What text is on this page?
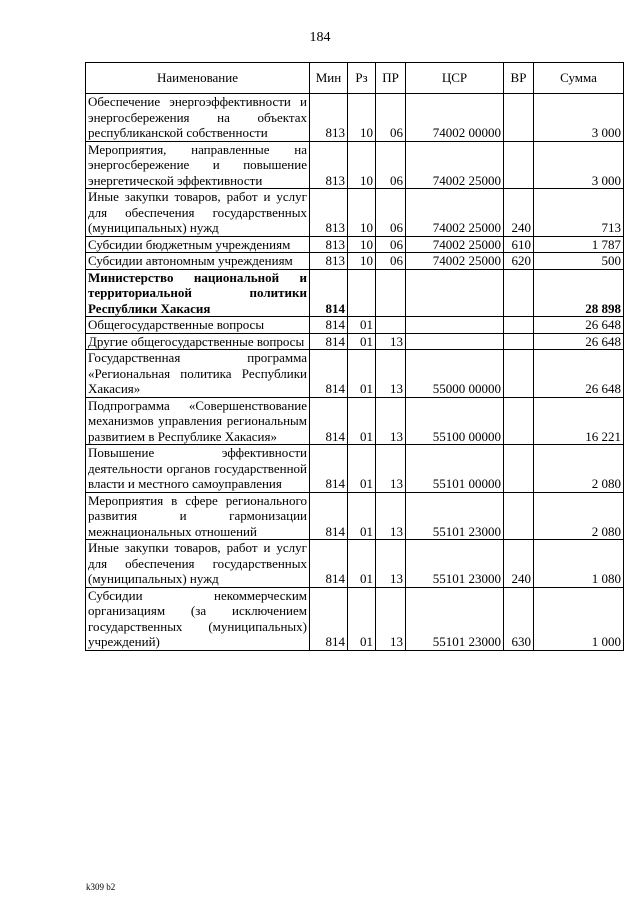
184
Наименование	Мин	Рз	ПР	ЦСР	ВР	Сумма
Обеспечение энергоэффективности и энергосбережения на объектах республиканской собственности	813	10	06	74002 00000		3 000
Мероприятия, направленные на энергосбережение и повышение энергетической эффективности	813	10	06	74002 25000		3 000
Иные закупки товаров, работ и услуг для обеспечения государственных (муниципальных) нужд	813	10	06	74002 25000	240	713
Субсидии бюджетным учреждениям	813	10	06	74002 25000	610	1 787
Субсидии автономным учреждениям	813	10	06	74002 25000	620	500
Министерство национальной и территориальной политики Республики Хакасия	814					28 898
Общегосударственные вопросы	814	01				26 648
Другие общегосударственные вопросы	814	01	13			26 648
Государственная программа «Региональная политика Республики Хакасия»	814	01	13	55000 00000		26 648
Подпрограмма «Совершенствование механизмов управления региональным развитием в Республике Хакасия»	814	01	13	55100 00000		16 221
Повышение эффективности деятельности органов государственной власти и местного самоуправления	814	01	13	55101 00000		2 080
Мероприятия в сфере регионального развития и гармонизации межнациональных отношений	814	01	13	55101 23000		2 080
Иные закупки товаров, работ и услуг для обеспечения государственных (муниципальных) нужд	814	01	13	55101 23000	240	1 080
Субсидии некоммерческим организациям (за исключением государственных (муниципальных) учреждений)	814	01	13	55101 23000	630	1 000
k309 b2
